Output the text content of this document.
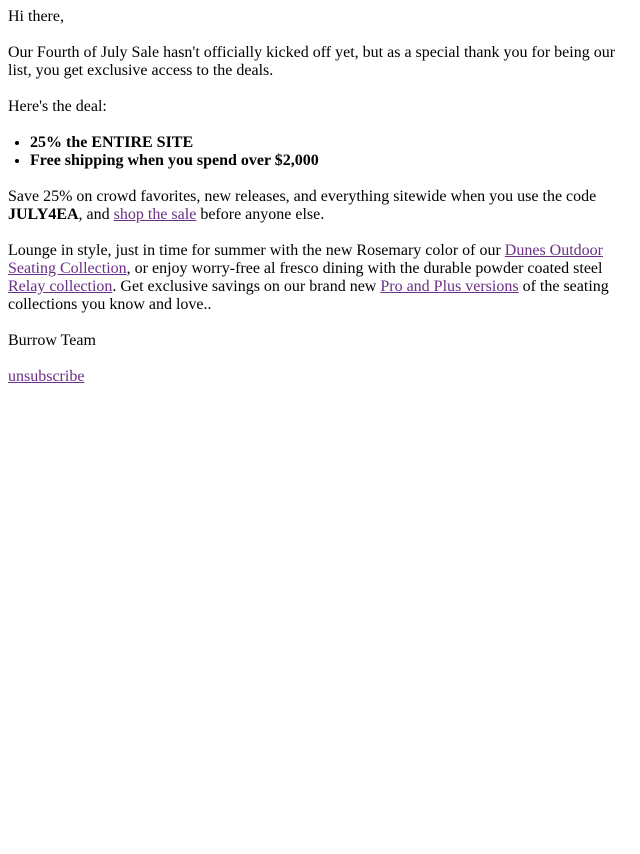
Hi there,

Our Fourth of July Sale hasn't officially kicked off yet, but as a special thank you for being our list, you get exclusive access to the deals.

Here's the deal:

• 25% the ENTIRE SITE
• Free shipping when you spend over $2,000

Save 25% on crowd favorites, new releases, and everything sitewide when you use the code JULY4EA, and shop the sale before anyone else.

Lounge in style, just in time for summer with the new Rosemary color of our Dunes Outdoor Seating Collection, or enjoy worry-free al fresco dining with the durable powder coated steel Relay collection. Get exclusive savings on our brand new Pro and Plus versions of the seating collections you know and love..

Burrow Team

unsubscribe
